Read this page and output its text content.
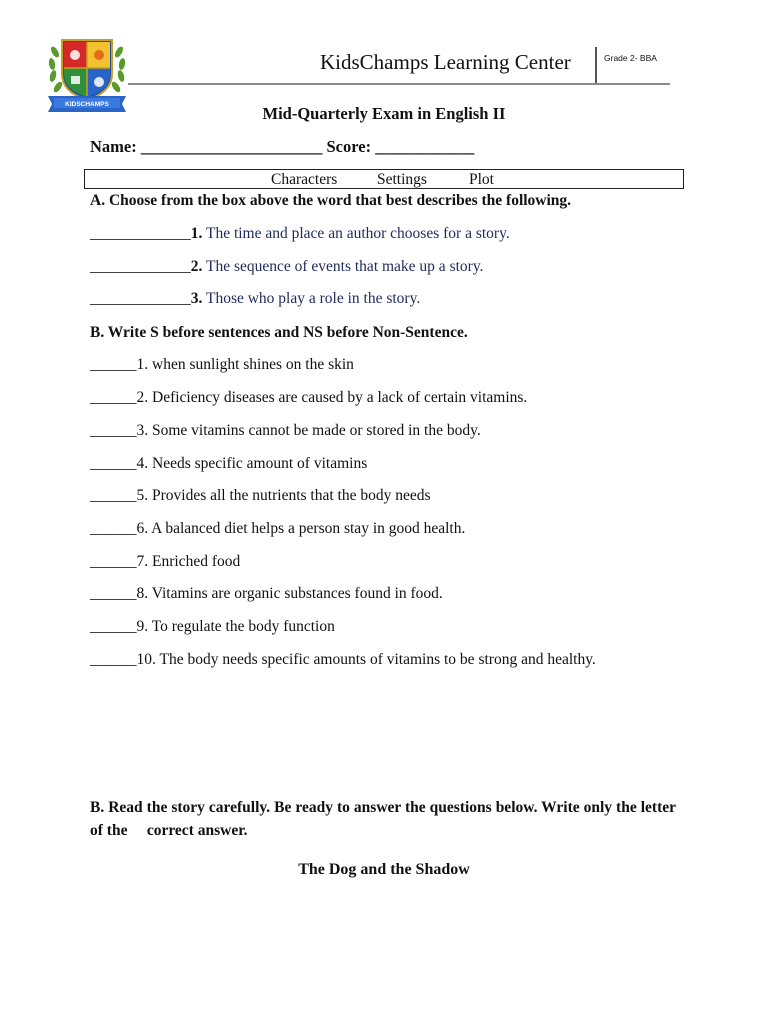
KIDSCHAMPS
KidsChamps Learning Center	Grade 2- BBA
Mid-Quarterly Exam in English II
Name: ______________________ Score: ____________
Characters	Settings	Plot
A. Choose from the box above the word that best describes the following.
_____________1. The time and place an author chooses for a story.
_____________2. The sequence of events that make up a story.
_____________3. Those who play a role in the story.
B. Write S before sentences and NS before Non-Sentence.
______1. when sunlight shines on the skin
______2. Deficiency diseases are caused by a lack of certain vitamins.
______3. Some vitamins cannot be made or stored in the body.
______4. Needs specific amount of vitamins
______5. Provides all the nutrients that the body needs
______6. A balanced diet helps a person stay in good health.
______7. Enriched food
______8. Vitamins are organic substances found in food.
______9. To regulate the body function
______10. The body needs specific amounts of vitamins to be strong and healthy.
B. Read the story carefully. Be ready to answer the questions below. Write only the letter of the     correct answer.
The Dog and the Shadow
